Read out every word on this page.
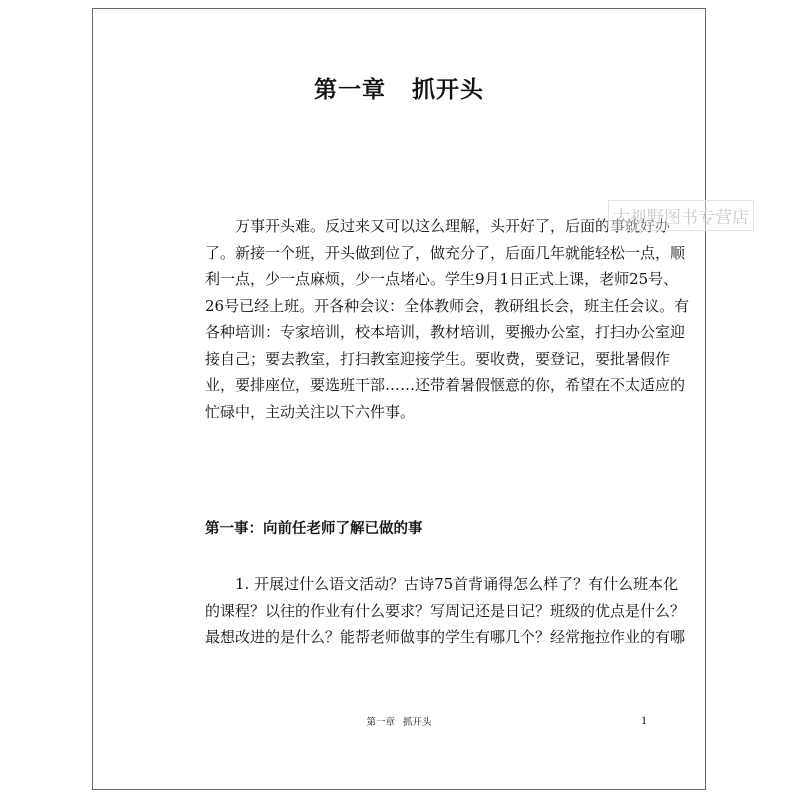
第一章 抓开头

万事开头难。反过来又可以这么理解，头开好了，后面的事就好办
了。新接一个班，开头做到位了，做充分了，后面几年就能轻松一点，顺
利一点，少一点麻烦，少一点堵心。学生9月1日正式上课，老师25号、
26号已经上班。开各种会议：全体教师会，教研组长会，班主任会议。有
各种培训：专家培训，校本培训，教材培训，要搬办公室，打扫办公室迎
接自己；要去教室，打扫教室迎接学生。要收费，要登记，要批暑假作
业，要排座位，要选班干部……还带着暑假惬意的你，希望在不太适应的
忙碌中，主动关注以下六件事。

第一事：向前任老师了解已做的事

1. 开展过什么语文活动？古诗75首背诵得怎么样了？有什么班本化
的课程？以往的作业有什么要求？写周记还是日记？班级的优点是什么？
最想改进的是什么？能帮老师做事的学生有哪几个？经常拖拉作业的有哪

第一章 抓开头	1
大视野图书专营店
